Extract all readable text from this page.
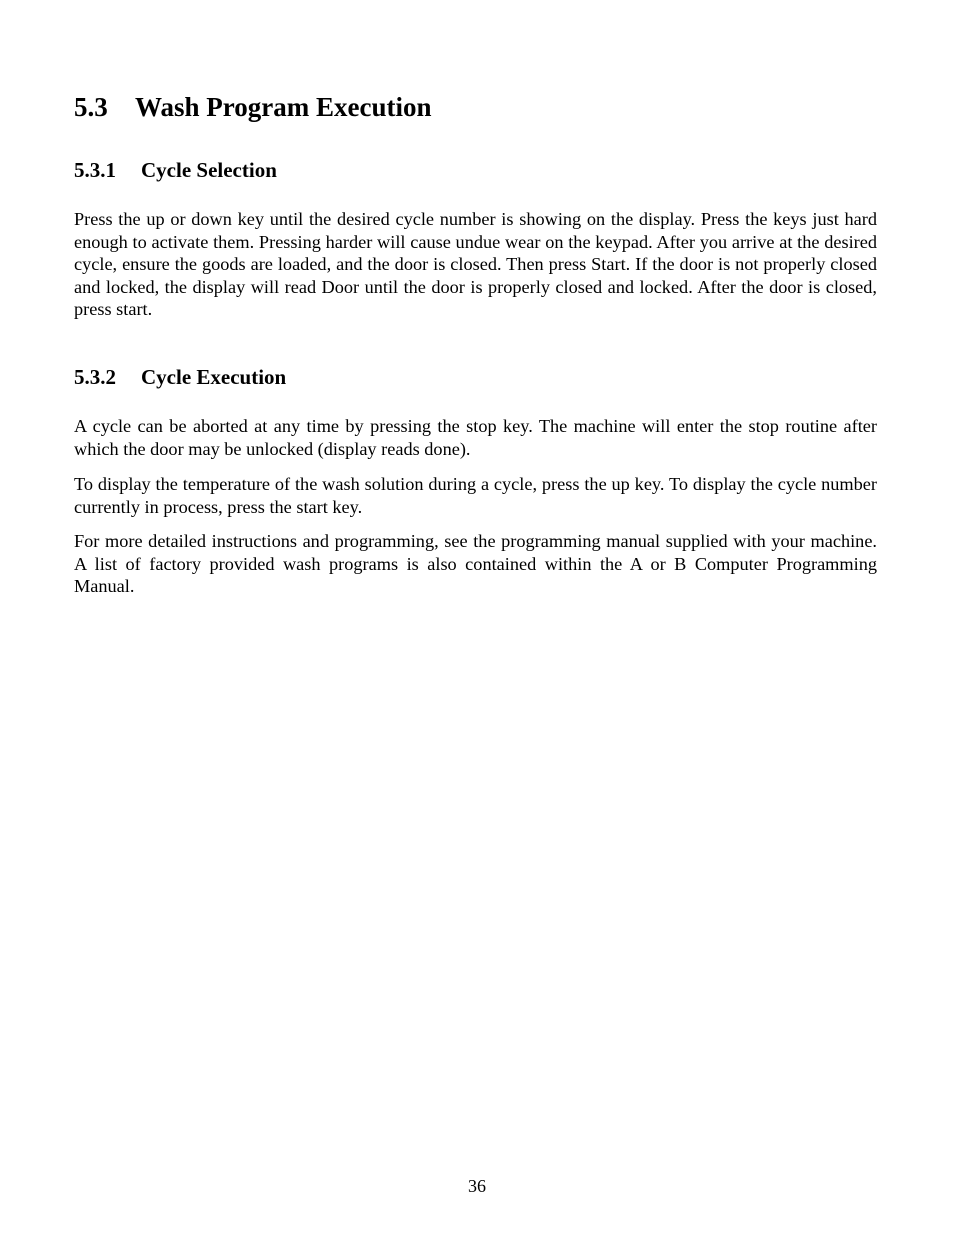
5.3 Wash Program Execution
5.3.1 Cycle Selection

Press the up or down key until the desired cycle number is showing on the display. Press the keys just hard enough to activate them. Pressing harder will cause undue wear on the keypad. After you arrive at the desired cycle, ensure the goods are loaded, and the door is closed. Then press Start. If the door is not properly closed and locked, the display will read Door until the door is properly closed and locked. After the door is closed, press start.

5.3.2 Cycle Execution

A cycle can be aborted at any time by pressing the stop key. The machine will enter the stop routine after which the door may be unlocked (display reads done).

To display the temperature of the wash solution during a cycle, press the up key. To display the cycle number currently in process, press the start key.

For more detailed instructions and programming, see the programming manual supplied with your machine. A list of factory provided wash programs is also contained within the A or B Computer Programming Manual.

36
